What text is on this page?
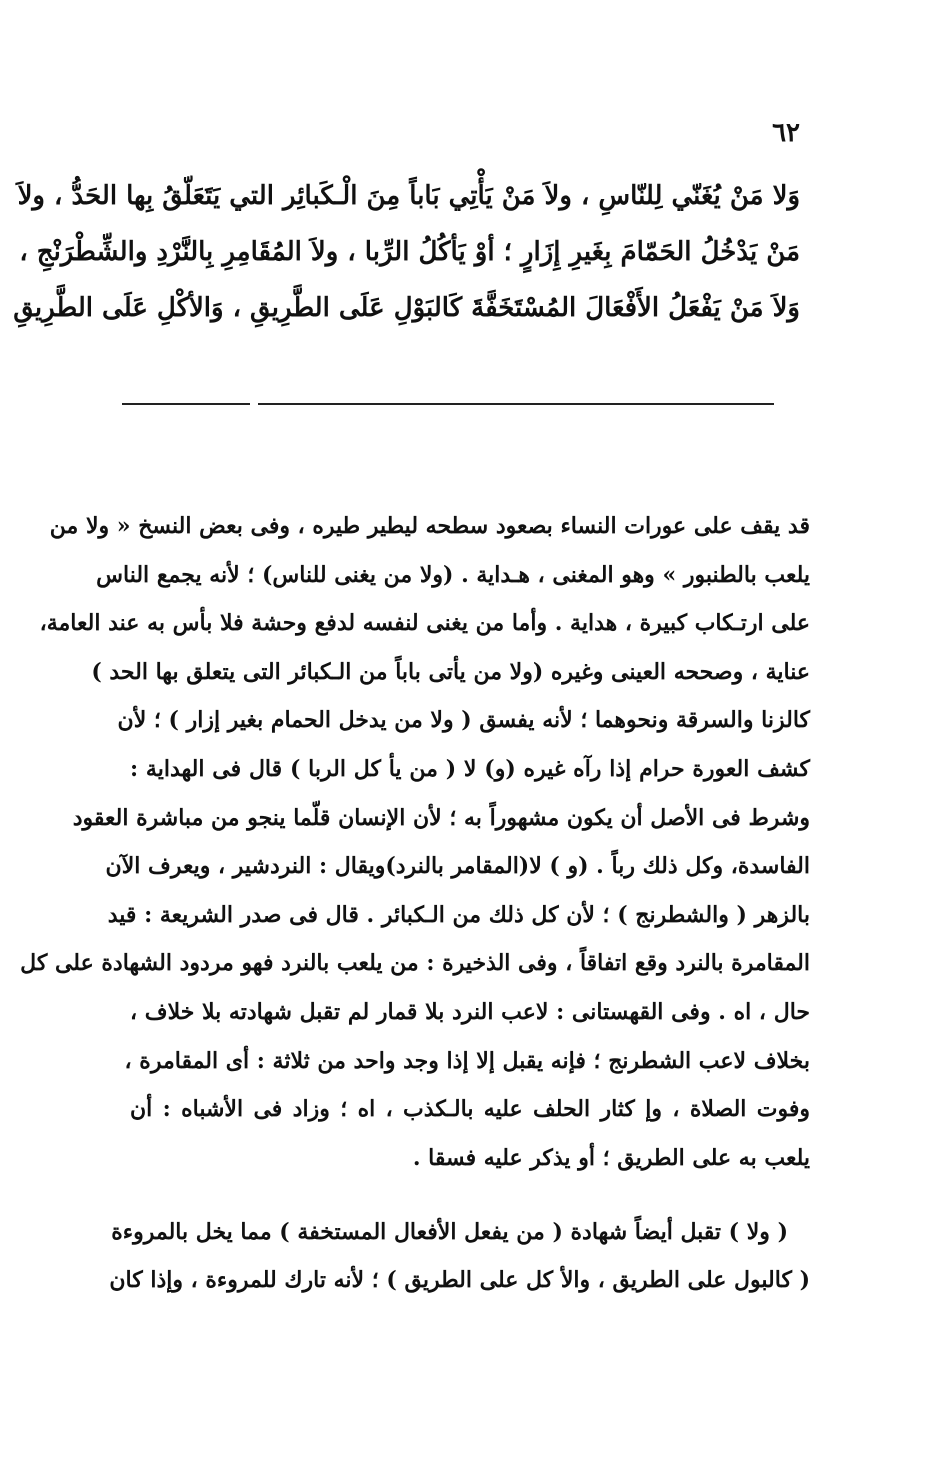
٦٢
وَلا مَنْ يُغَنّي لِلنّاسِ ، ولاَ مَنْ يَأْتِي بَاباً مِنَ الْـكَبائِر التي يَتَعَلّقُ بِها الحَدُّ ، ولاَ
مَنْ يَدْخُلُ الحَمّامَ بِغَيرِ إِزَارٍ ؛ أوْ يَأكُلُ الرِّبا ، ولاَ المُقَامِرِ بِالنَّرْدِ والشِّطْرَنْجِ ،
وَلاَ مَنْ يَفْعَلُ الأَفْعَالَ المُسْتَخَفَّةَ كَالبَوْلِ عَلَى الطَّرِيقِ ، وَالأكْلِ عَلَى الطَّرِيقِ
قد يقف على عورات النساء بصعود سطحه ليطير طيره ، وفى بعض النسخ « ولا من
يلعب بالطنبور » وهو المغنى ، هـداية . (ولا من يغنى للناس) ؛ لأنه يجمع الناس
على ارتـكاب كبيرة ، هداية . وأما من يغنى لنفسه لدفع وحشة فلا بأس به عند العامة،
عناية ، وصححه العينى وغيره (ولا من يأتى باباً من الـكبائر التى يتعلق بها الحد )
كالزنا والسرقة ونحوهما ؛ لأنه يفسق ( ولا من يدخل الحمام بغير إزار ) ؛ لأن
كشف العورة حرام إذا رآه غيره (و) لا ( من يأ كل الربا ) قال فى الهداية :
وشرط فى الأصل أن يكون مشهوراً به ؛ لأن الإنسان قلّما ينجو من مباشرة العقود
الفاسدة، وكل ذلك رباً . (و ) لا(المقامر بالنرد)ويقال : النردشير ، ويعرف الآن
بالزهر ( والشطرنج ) ؛ لأن كل ذلك من الـكبائر . قال فى صدر الشريعة : قيد
المقامرة بالنرد وقع اتفاقاً ، وفى الذخيرة : من يلعب بالنرد فهو مردود الشهادة على كل
حال ، اه . وفى القهستانى : لاعب النرد بلا قمار لم تقبل شهادته بلا خلاف ،
بخلاف لاعب الشطرنج ؛ فإنه يقبل إلا إذا وجد واحد من ثلاثة : أى المقامرة ،
وفوت الصلاة ، وإ كثار الحلف عليه بالـكذب ، اه ؛ وزاد فى الأشباه : أن
يلعب به على الطريق ؛ أو يذكر عليه فسقا .
( ولا ) تقبل أيضاً شهادة ( من يفعل الأفعال المستخفة ) مما يخل بالمروءة
( كالبول على الطريق ، والأ كل على الطريق ) ؛ لأنه تارك للمروءة ، وإذا كان
